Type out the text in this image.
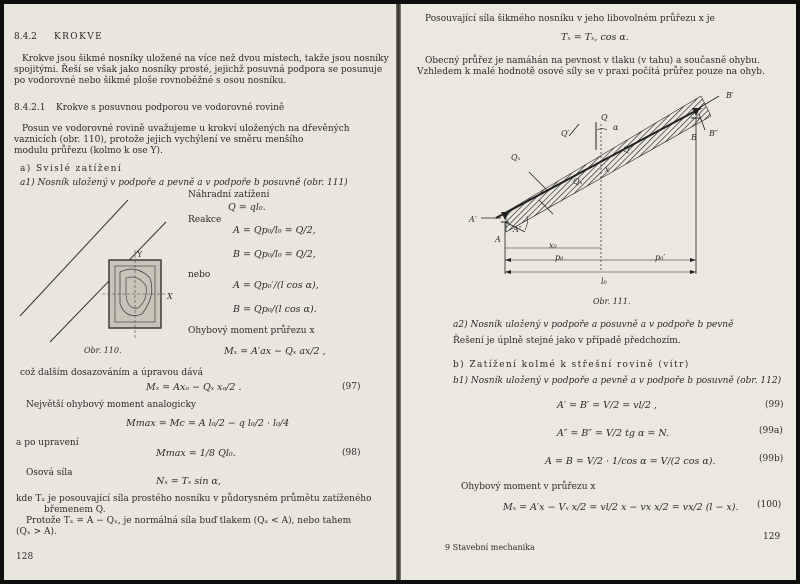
8.4.2 KROKVE
Krokve jsou šikmé nosníky uložené na více než dvou místech, takže jsou nosníky
spojitými. Řeší se však jako nosníky prosté, jejichž posuvná podpora se posunuje
po vodorovné nebo šikmé ploše rovnoběžné s osou nosníku.
8.4.2.1 Krokve s posuvnou podporou ve vodorovné rovině
Posun ve vodorovné rovině uvažujeme u krokví uložených na dřevěných
vaznicích (obr. 110), protože jejich vychýlení ve směru menšího
modulu průřezu (kolmo k ose Y).
a) Svislé zatížení
a1) Nosník uložený v podpoře a pevně a v podpoře b posuvně (obr. 111)
Y
X
Obr. 110.
Náhradní zatížení
Q = ql₀.
Reakce
A = Qp₀/l₀ = Q/2,
B = Qp₀/l₀ = Q/2,
nebo
A = Qp₀′/(l cos α),
B = Qp₀/(l cos α).
Ohybový moment průřezu x
Mₓ = A′ax − Qₓ ax/2 ,
což dalším dosazováním a úpravou dává
Mₓ = Axₒ − Qₓ xₒ/2 .	(97)
Největší ohybový moment analogicky
Mmax = Mc = A l₀/2 − q l₀/2 · l₀/4
a po upravení
Mmax = 1/8 Ql₀.	(98)
Osová síla
Nₓ = Tₓ sin α,
kde Tₓ je posouvající síla prostého nosníku v půdorysném průmětu zatíženého
břemenem Q.
Protože Tₓ = A − Qₓ, je normálná síla buď tlakem (Qₓ < A), nebo tahem
(Qₓ > A).
128
Posouvající síla šikmého nosníku v jeho libovolném průřezu x je
Tₓ = Tₓ, cos α.
Obecný průřez je namáhán na pevnost v tlaku (v tahu) a současně ohybu.
Vzhledem k malé hodnotě osové síly se v praxi počítá průřez pouze na ohyb.
B′
B″
B
A′
A″
A
Q
Q′
Q″
Qₓ
Qₓ′
x
α
x₀
p₀	p₀′
l₀
Obr. 111.
a2) Nosník uložený v podpoře a posuvně a v podpoře b pevně
Řešení je úplně stejné jako v případě předchozím.
b) Zatížení kolmé k střešní rovině (vítr)
b1) Nosník uložený v podpoře a pevně a v podpoře b posuvně (obr. 112)
A′ = B′ = V/2 = vl/2 ,	(99)
A″ = B″ = V/2 tg α = N.	(99a)
A = B = V/2 · 1/cos α = V/(2 cos α).	(99b)
Ohybový moment v průřezu x
Mₓ = A′x − Vₓ x/2 = vl/2 x − vx x/2 = vx/2 (l − x). (100)
9 Stavební mechanika
129
